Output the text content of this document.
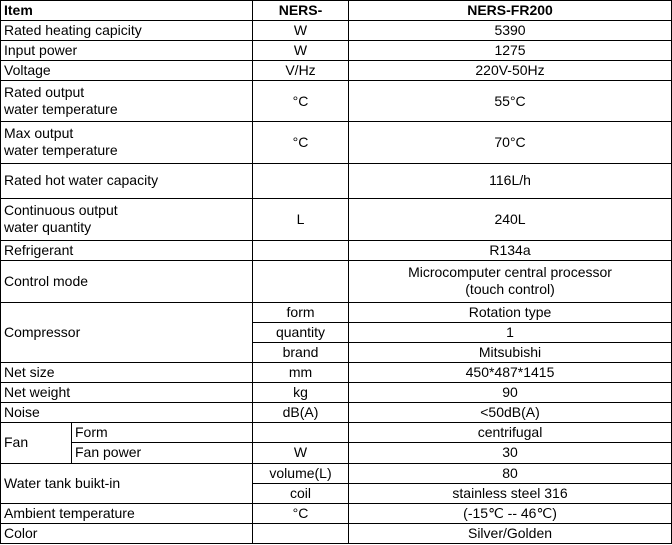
Item		NERS-	NERS-FR200
Rated heating capicity		W	5390
Input power		W	1275
Voltage		V/Hz	220V-50Hz

Rated output
water temperature		°C	55°C

Max output
water temperature		°C	70°C
Rated hot water capacity			116L/h

Continuous output
water quantity		L	240L
Refrigerant			R134a
Control mode			Microcomputer central processor
(touch control)

Compressor		form	Rotation type
		quantity	1
		brand	Mitsubishi
Net size		mm	450*487*1415
Net weight		kg	90
Noise		dB(A)	<50dB(A)
Fan	Form		centrifugal
	Fan power	W	30
Water tank buikt-in		volume(L)	80
		coil	stainless steel 316
Ambient temperature		°C	(-15℃ -- 46℃)
Color			Silver/Golden
